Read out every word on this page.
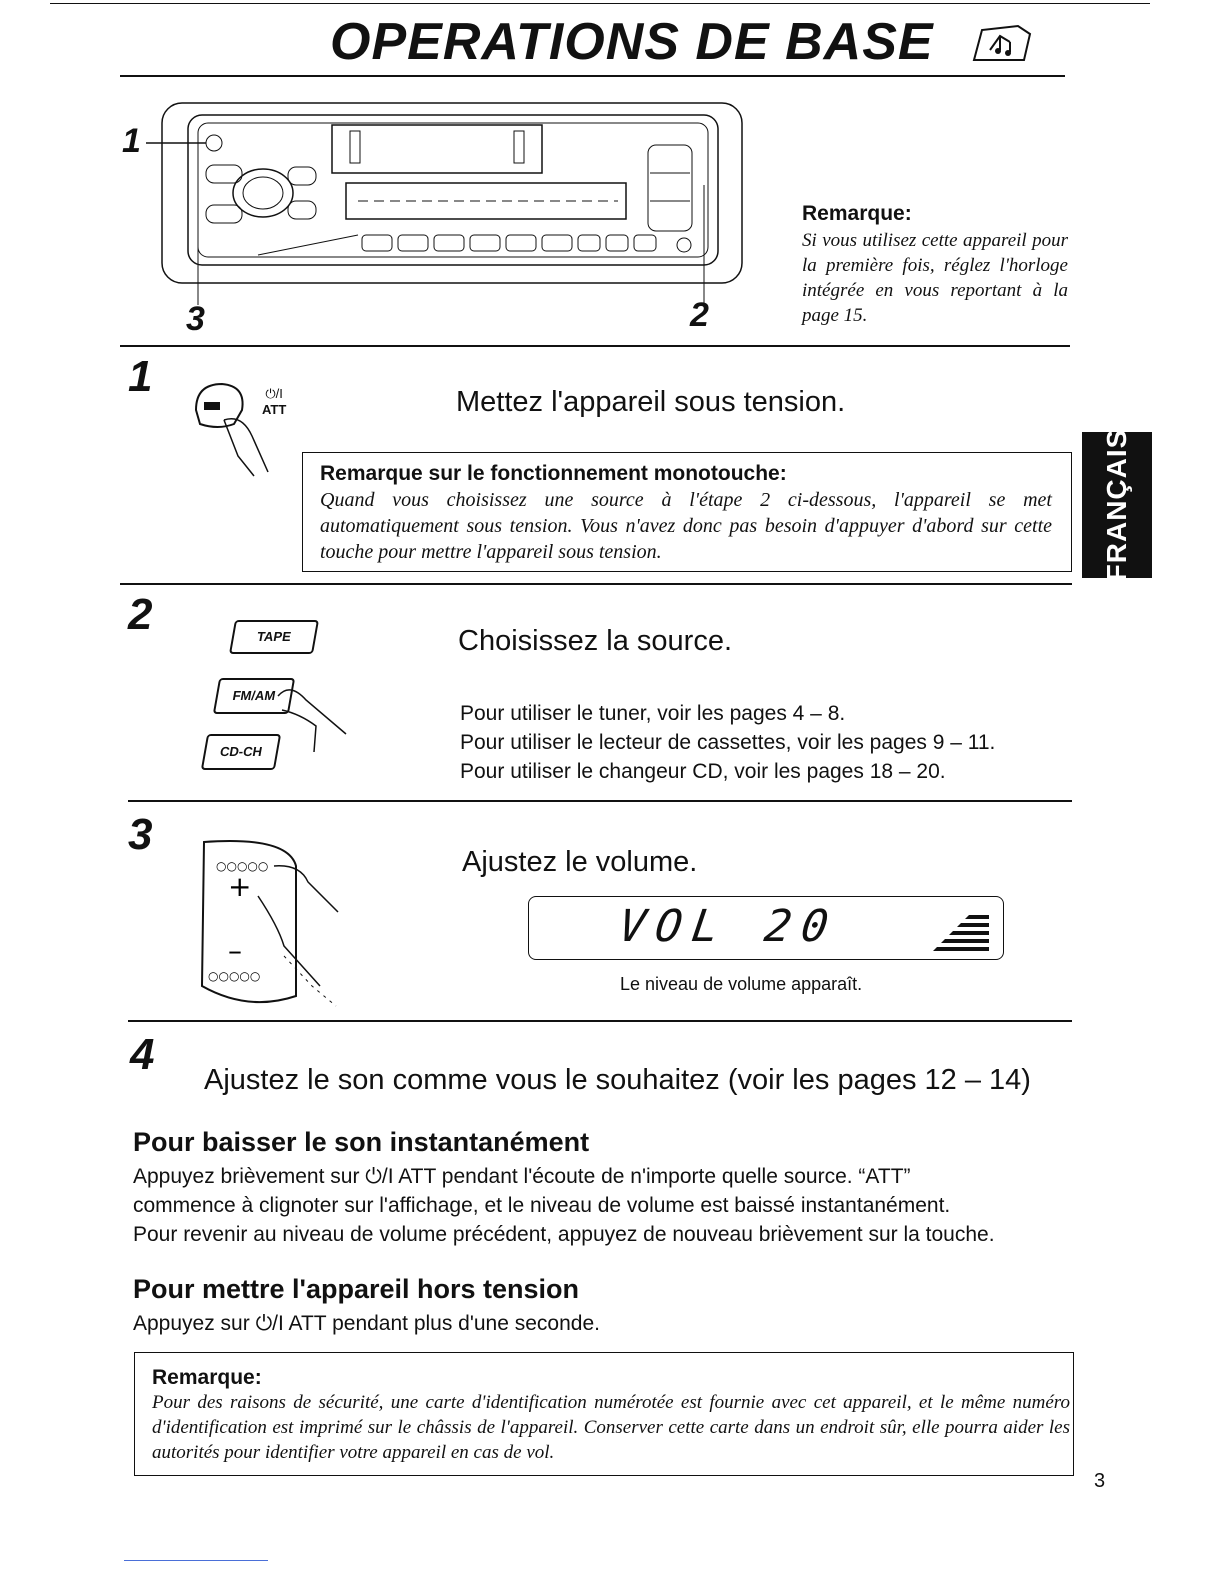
OPERATIONS DE BASE
1
3	2
Remarque:
Si vous utilisez cette appareil pour la première fois, réglez l'horloge intégrée en vous reportant à la page 15.
1	⏻/I
ATT	Mettez l'appareil sous tension.
Remarque sur le fonctionnement monotouche:
Quand vous choisissez une source à l'étape 2 ci-dessous, l'appareil se met automatiquement sous tension. Vous n'avez donc pas besoin d'appuyer d'abord sur cette touche pour mettre l'appareil sous tension.	FRANÇAIS
2	TAPE
FM/AM
CD-CH
Choisissez la source.
Pour utiliser le tuner, voir les pages 4 – 8.
Pour utiliser le lecteur de cassettes, voir les pages 9 – 11.
Pour utiliser le changeur CD, voir les pages 18 – 20.
3
○○○○○
+
–
○○○○○
Ajustez le volume.
VOL 20
Le niveau de volume apparaît.
4
Ajustez le son comme vous le souhaitez (voir les pages 12 – 14)
Pour baisser le son instantanément
Appuyez brièvement sur ⏻/I ATT pendant l'écoute de n'importe quelle source. “ATT”
commence à clignoter sur l'affichage, et le niveau de volume est baissé instantanément.
Pour revenir au niveau de volume précédent, appuyez de nouveau brièvement sur la touche.
Pour mettre l'appareil hors tension
Appuyez sur ⏻/I ATT pendant plus d'une seconde.
Remarque:
Pour des raisons de sécurité, une carte d'identification numérotée est fournie avec cet appareil, et le même numéro d'identification est imprimé sur le châssis de l'appareil. Conserver cette carte dans un endroit sûr, elle pourra aider les autorités pour identifier votre appareil en cas de vol.
3
